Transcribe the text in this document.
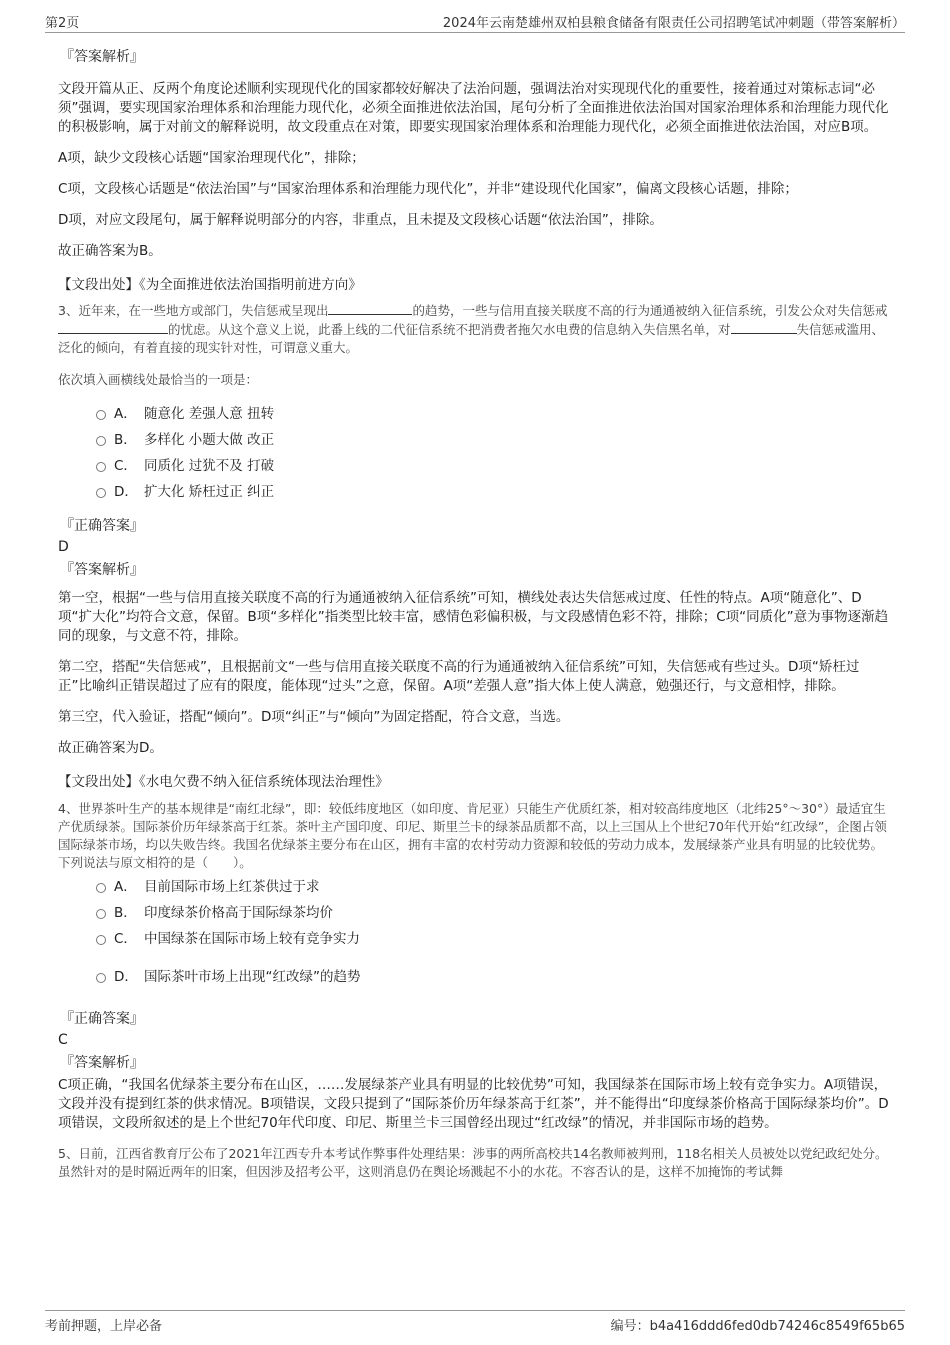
第2页	2024年云南楚雄州双柏县粮食储备有限责任公司招聘笔试冲刺题（带答案解析）
『答案解析』
文段开篇从正、反两个角度论述顺利实现现代化的国家都较好解决了法治问题，强调法治对实现现代化的重要性，接着通过对策标志词“必须”强调，要实现国家治理体系和治理能力现代化，必须全面推进依法治国，尾句分析了全面推进依法治国对国家治理体系和治理能力现代化的积极影响，属于对前文的解释说明，故文段重点在对策，即要实现国家治理体系和治理能力现代化，必须全面推进依法治国，对应B项。
A项，缺少文段核心话题“国家治理现代化”，排除；
C项，文段核心话题是“依法治国”与“国家治理体系和治理能力现代化”，并非“建设现代化国家”，偏离文段核心话题，排除；
D项，对应文段尾句，属于解释说明部分的内容，非重点，且未提及文段核心话题“依法治国”，排除。
故正确答案为B。
【文段出处】《为全面推进依法治国指明前进方向》
3、近年来，在一些地方或部门，失信惩戒呈现出	的趋势，一些与信用直接关联度不高的行为通通被纳入征信系统，引发公众对失信惩戒的忧虑。从这个意义上说，此番上线的二代征信系统不把消费者拖欠水电费的信息纳入失信黑名单，对	失信惩戒滥用、泛化的倾向，有着直接的现实针对性，可谓意义重大。
依次填入画横线处最恰当的一项是：
A． 随意化 差强人意 扭转
B． 多样化 小题大做 改正
C． 同质化 过犹不及 打破
D． 扩大化 矫枉过正 纠正
『正确答案』
D
『答案解析』
第一空，根据“一些与信用直接关联度不高的行为通通被纳入征信系统”可知，横线处表达失信惩戒过度、任性的特点。A项“随意化”、D项“扩大化”均符合文意，保留。B项“多样化”指类型比较丰富，感情色彩偏积极，与文段感情色彩不符，排除；C项“同质化”意为事物逐渐趋同的现象，与文意不符，排除。
第二空，搭配“失信惩戒”，且根据前文“一些与信用直接关联度不高的行为通通被纳入征信系统”可知，失信惩戒有些过头。D项“矫枉过正”比喻纠正错误超过了应有的限度，能体现“过头”之意，保留。A项“差强人意”指大体上使人满意，勉强还行，与文意相悖，排除。
第三空，代入验证，搭配“倾向”。D项“纠正”与“倾向”为固定搭配，符合文意，当选。
故正确答案为D。
【文段出处】《水电欠费不纳入征信系统体现法治理性》
4、世界茶叶生产的基本规律是“南红北绿”，即：较低纬度地区（如印度、肯尼亚）只能生产优质红茶，相对较高纬度地区（北纬25°～30°）最适宜生产优质绿茶。国际茶价历年绿茶高于红茶。茶叶主产国印度、印尼、斯里兰卡的绿茶品质都不高，以上三国从上个世纪70年代开始“红改绿”，企图占领国际绿茶市场，均以失败告终。我国名优绿茶主要分布在山区，拥有丰富的农村劳动力资源和较低的劳动力成本，发展绿茶产业具有明显的比较优势。
下列说法与原文相符的是（　　）。
A． 目前国际市场上红茶供过于求
B． 印度绿茶价格高于国际绿茶均价
C． 中国绿茶在国际市场上较有竞争实力
D． 国际茶叶市场上出现“红改绿”的趋势
『正确答案』
C
『答案解析』
C项正确，“我国名优绿茶主要分布在山区，……发展绿茶产业具有明显的比较优势”可知，我国绿茶在国际市场上较有竞争实力。A项错误，文段并没有提到红茶的供求情况。B项错误，文段只提到了“国际茶价历年绿茶高于红茶”，并不能得出“印度绿茶价格高于国际绿茶均价”。D项错误，文段所叙述的是上个世纪70年代印度、印尼、斯里兰卡三国曾经出现过“红改绿”的情况，并非国际市场的趋势。
5、日前，江西省教育厅公布了2021年江西专升本考试作弊事件处理结果：涉事的两所高校共14名教师被判刑，118名相关人员被处以党纪政纪处分。虽然针对的是时隔近两年的旧案，但因涉及招考公平，这则消息仍在舆论场溅起不小的水花。不容否认的是，这样不加掩饰的考试舞
考前押题，上岸必备	编号：b4a416ddd6fed0db74246c8549f65b65
